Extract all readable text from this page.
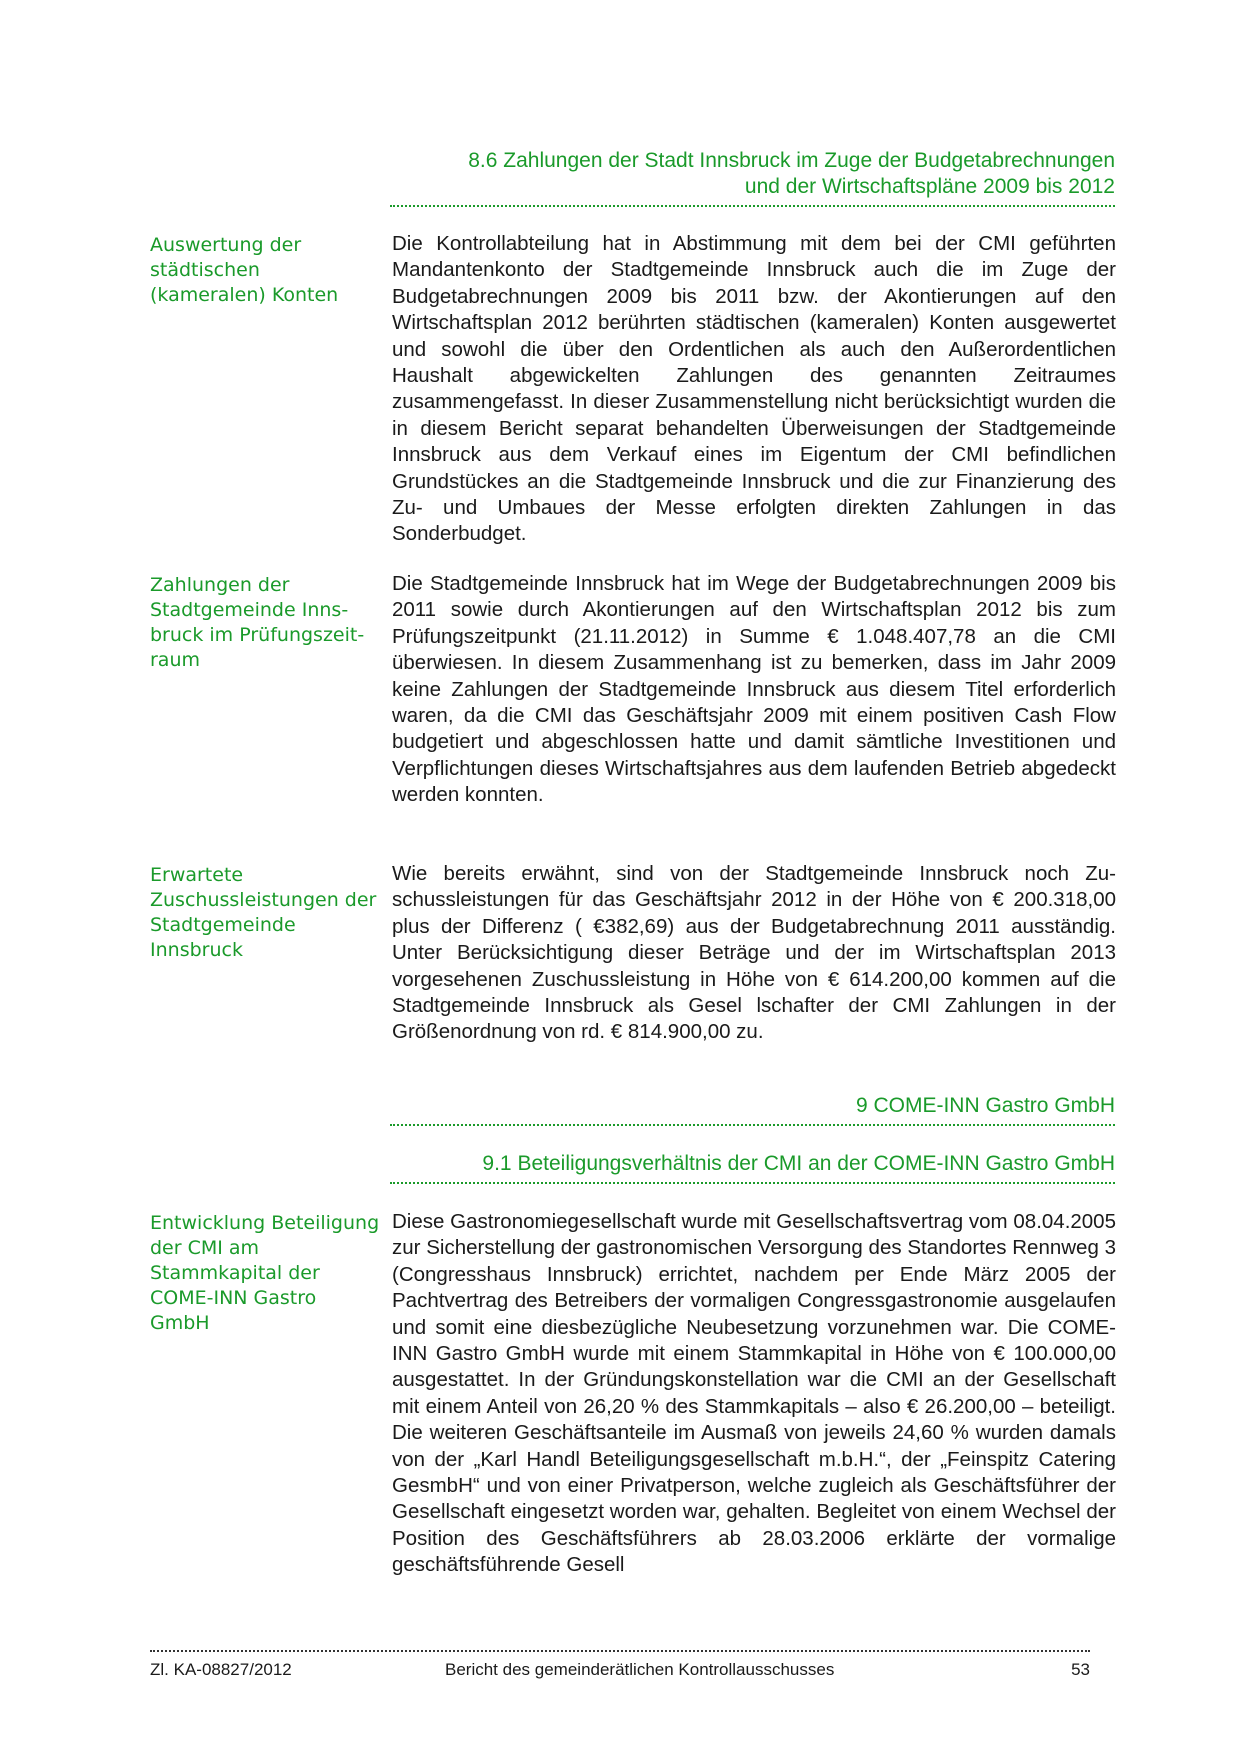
8.6 Zahlungen der Stadt Innsbruck im Zuge der Budgetabrechnungen
und der Wirtschaftspläne 2009 bis 2012
Auswertung der städtischen (kameralen) Konten
Die Kontrollabteilung hat in Abstimmung mit dem bei der CMI geführten Mandantenkonto der Stadtgemeinde Innsbruck auch die im Zuge der Budgetabrechnungen 2009 bis 2011 bzw. der Akontierungen auf den Wirtschaftsplan 2012 berührten städtischen (kameralen) Konten ausgewertet und sowohl die über den Ordentlichen als auch den Außerordentlichen Haushalt abgewickelten Zahlungen des genannten Zeitraumes zusammengefasst. In dieser Zusammenstellung nicht berücksichtigt wurden die in diesem Bericht separat behandelten Überweisungen der Stadtgemeinde Innsbruck aus dem Verkauf eines im Eigentum der CMI befindlichen Grundstückes an die Stadtgemeinde Innsbruck und die zur Finanzierung des Zu- und Umbaues der Messe erfolgten direkten Zahlungen in das Sonderbudget.
Zahlungen der Stadtgemeinde Innsbruck im Prüfungszeitraum
Die Stadtgemeinde Innsbruck hat im Wege der Budgetabrechnungen 2009 bis 2011 sowie durch Akontierungen auf den Wirtschaftsplan 2012 bis zum Prüfungszeitpunkt (21.11.2012) in Summe € 1.048.407,78 an die CMI überwiesen. In diesem Zusammenhang ist zu bemerken, dass im Jahr 2009 keine Zahlungen der Stadtgemeinde Innsbruck aus diesem Titel erforderlich waren, da die CMI das Geschäftsjahr 2009 mit einem positiven Cash Flow budgetiert und abgeschlossen hatte und damit sämtliche Investitionen und Verpflichtungen dieses Wirtschaftsjahres aus dem laufenden Betrieb abgedeckt werden konnten.
Erwartete Zuschussleistungen der Stadtgemeinde Innsbruck
Wie bereits erwähnt, sind von der Stadtgemeinde Innsbruck noch Zuschussleistungen für das Geschäftsjahr 2012 in der Höhe von € 200.318,00 plus der Differenz ( €382,69) aus der Budgetabrechnung 2011 ausständig. Unter Berücksichtigung dieser Beträge und der im Wirtschaftsplan 2013 vorgesehenen Zuschussleistung in Höhe von € 614.200,00 kommen auf die Stadtgemeinde Innsbruck als Gesel lschafter der CMI Zahlungen in der Größenordnung von rd. € 814.900,00 zu.
9 COME-INN Gastro GmbH
9.1 Beteiligungsverhältnis der CMI an der COME-INN Gastro GmbH
Entwicklung Beteiligung der CMI am Stammkapital der COME-INN Gastro GmbH
Diese Gastronomiegesellschaft wurde mit Gesellschaftsvertrag vom 08.04.2005 zur Sicherstellung der gastronomischen Versorgung des Standortes Rennweg 3 (Congresshaus Innsbruck) errichtet, nachdem per Ende März 2005 der Pachtvertrag des Betreibers der vormaligen Congressgastronomie ausgelaufen und somit eine diesbezügliche Neubesetzung vorzunehmen war. Die COME-INN Gastro GmbH wurde mit einem Stammkapital in Höhe von € 100.000,00 ausgestattet. In der Gründungskonstellation war die CMI an der Gesellschaft mit einem Anteil von 26,20 % des Stammkapitals – also € 26.200,00 – beteiligt. Die weiteren Geschäftsanteile im Ausmaß von jeweils 24,60 % wurden damals von der „Karl Handl Beteiligungsgesellschaft m.b.H.“, der „Feinspitz Catering GesmbH“ und von einer Privatperson, welche zugleich als Geschäftsführer der Gesellschaft eingesetzt worden war, gehalten. Begleitet von einem Wechsel der Position des Geschäftsführers ab 28.03.2006 erklärte der vormalige geschäftsführende Gesell
Zl. KA-08827/2012	Bericht des gemeinderätlichen Kontrollausschusses	53
